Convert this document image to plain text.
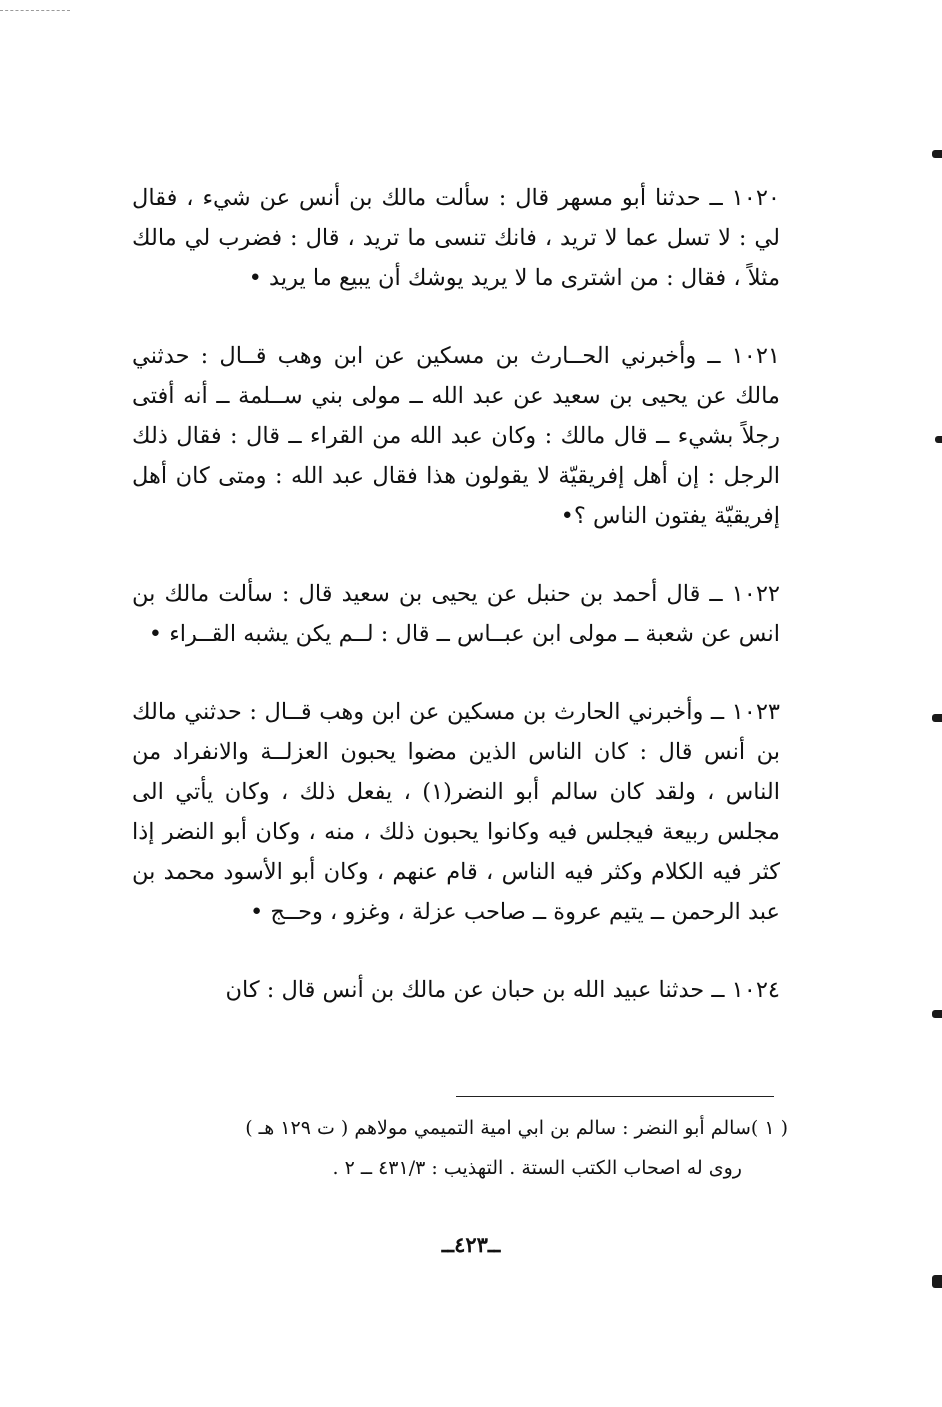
١٠٢٠ ــ حدثنا أبو مسهر قال : سألت مالك بن أنس عن شيء ، فقال لي : لا تسل عما لا تريد ، فانك تنسى ما تريد ، قال : فضرب لي مالك مثلاً ، فقال : من اشترى ما لا يريد يوشك أن يبيع ما يريد •

١٠٢١ ــ وأخبرني الحــارث بن مسكين عن ابن وهب قــال : حدثني مالك عن يحيى بن سعيد عن عبد الله ــ مولى بني ســلمة ــ أنه أفتى رجلاً بشيء ــ قال مالك : وكان عبد الله من القراء ــ قال : فقال ذلك الرجل : إن أهل إفريقيّة لا يقولون هذا فقال عبد الله : ومتى كان أهل إفريقيّة يفتون الناس ؟•

١٠٢٢ ــ قال أحمد بن حنبل عن يحيى بن سعيد قال : سألت مالك بن انس عن شعبة ــ مولى ابن عبــاس ــ قال : لــم يكن يشبه القــراء •

١٠٢٣ ــ وأخبرني الحارث بن مسكين عن ابن وهب قــال : حدثني مالك بن أنس قال : كان الناس الذين مضوا يحبون العزلــة والانفراد من الناس ، ولقد كان سالم أبو النضر(١) ، يفعل ذلك ، وكان يأتي الى مجلس ربيعة فيجلس فيه وكانوا يحبون ذلك ، منه ، وكان أبو النضر إذا كثر فيه الكلام وكثر فيه الناس ، قام عنهم ، وكان أبو الأسود محمد بن عبد الرحمن ــ يتيم عروة ــ صاحب عزلة ، وغزو ، وحــج •

١٠٢٤ ــ حدثنا عبيد الله بن حبان عن مالك بن أنس قال : كان

( ١ )سالم أبو النضر : سالم بن ابي امية التميمي مولاهم ( ت ١٢٩ هـ )
روى له اصحاب الكتب الستة . التهذيب : ٤٣١/٣ ــ ٢ .
ــ٤٢٣ــ
